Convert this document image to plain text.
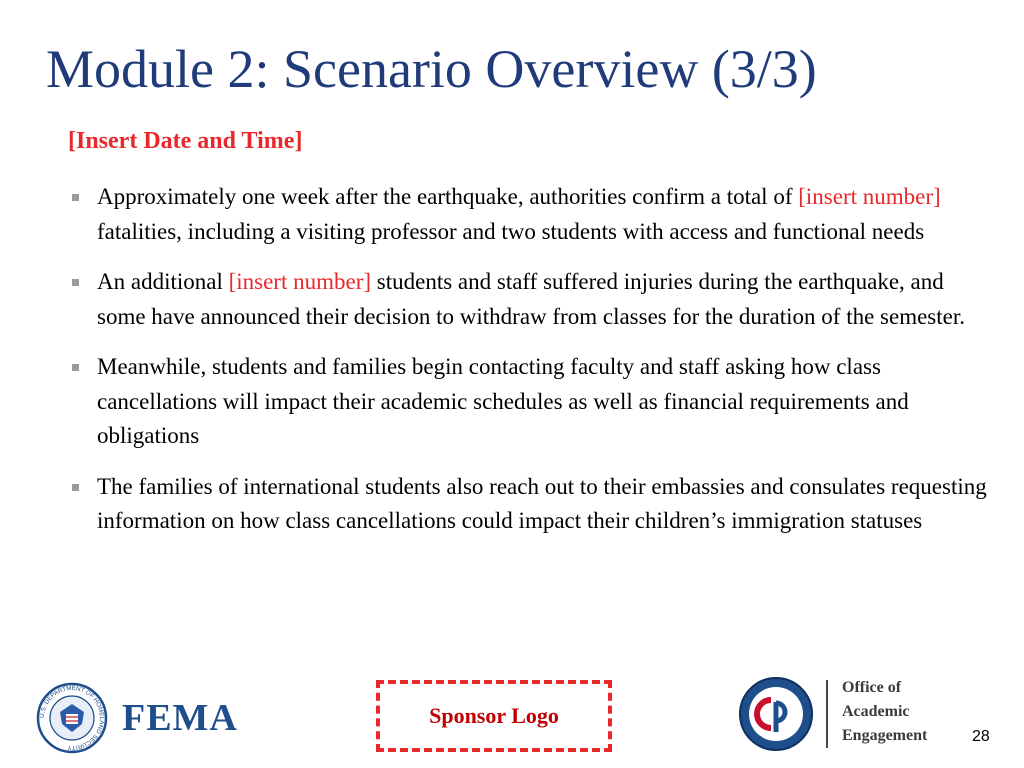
Module 2: Scenario Overview (3/3)
[Insert Date and Time]
Approximately one week after the earthquake, authorities confirm a total of [insert number] fatalities, including a visiting professor and two students with access and functional needs
An additional [insert number] students and staff suffered injuries during the earthquake, and some have announced their decision to withdraw from classes for the duration of the semester.
Meanwhile, students and families begin contacting faculty and staff asking how class cancellations will impact their academic schedules as well as financial requirements and obligations
The families of international students also reach out to their embassies and consulates requesting information on how class cancellations could impact their children’s immigration statuses
U.S. DEPARTMENT OF HOMELAND SECURITY
FEMA	Sponsor Logo
Office of
Academic
Engagement	28
